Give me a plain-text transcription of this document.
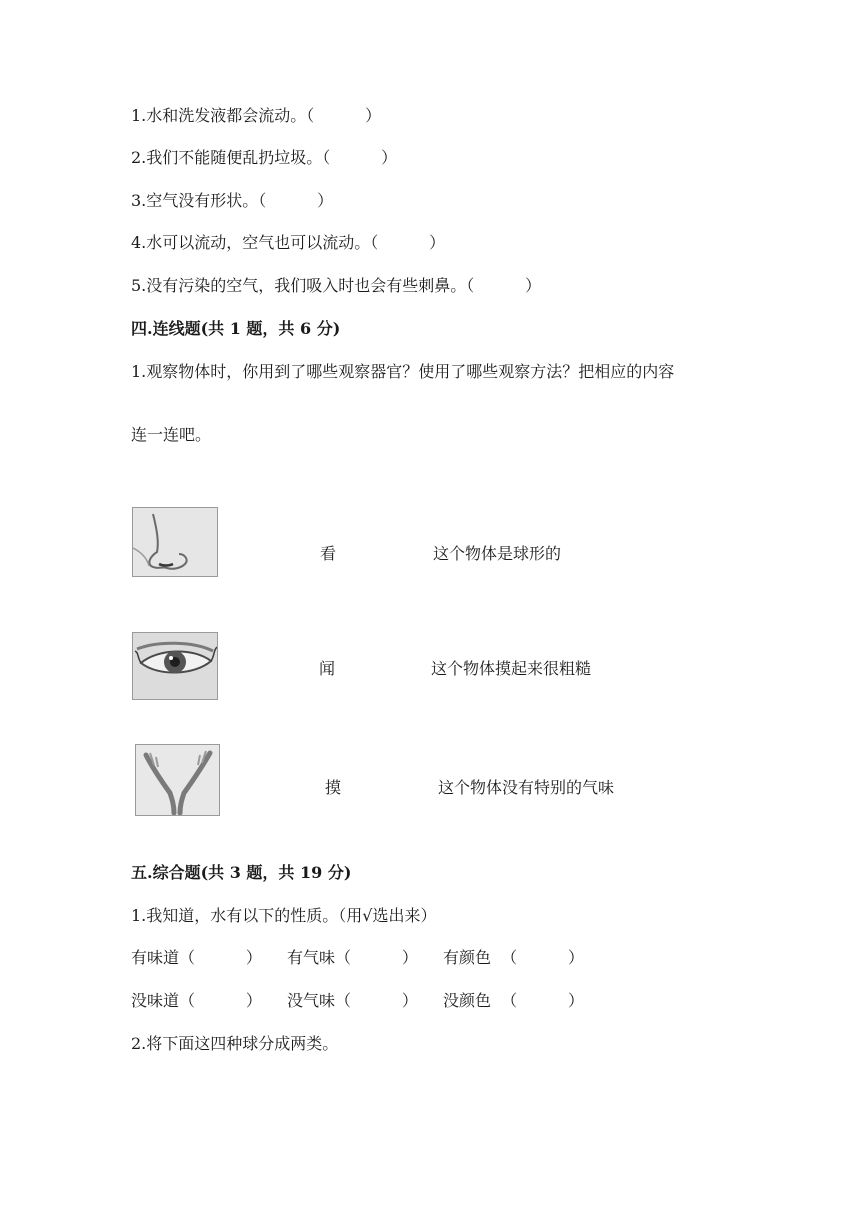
1.水和洗发液都会流动。（          ）
2.我们不能随便乱扔垃圾。（          ）
3.空气没有形状。（          ）
4.水可以流动，空气也可以流动。（          ）
5.没有污染的空气，我们吸入时也会有些刺鼻。（          ）
四.连线题(共 1 题，共 6 分)
1.观察物体时，你用到了哪些观察器官？使用了哪些观察方法？把相应的内容
连一连吧。
看	这个物体是球形的
闻	这个物体摸起来很粗糙
摸	这个物体没有特别的气味
五.综合题(共 3 题，共 19 分)
1.我知道，水有以下的性质。（用√选出来）
有味道（          ） 有气味（          ） 有颜色  （          ）
没味道（          ） 没气味（          ） 没颜色  （          ）
2.将下面这四种球分成两类。
